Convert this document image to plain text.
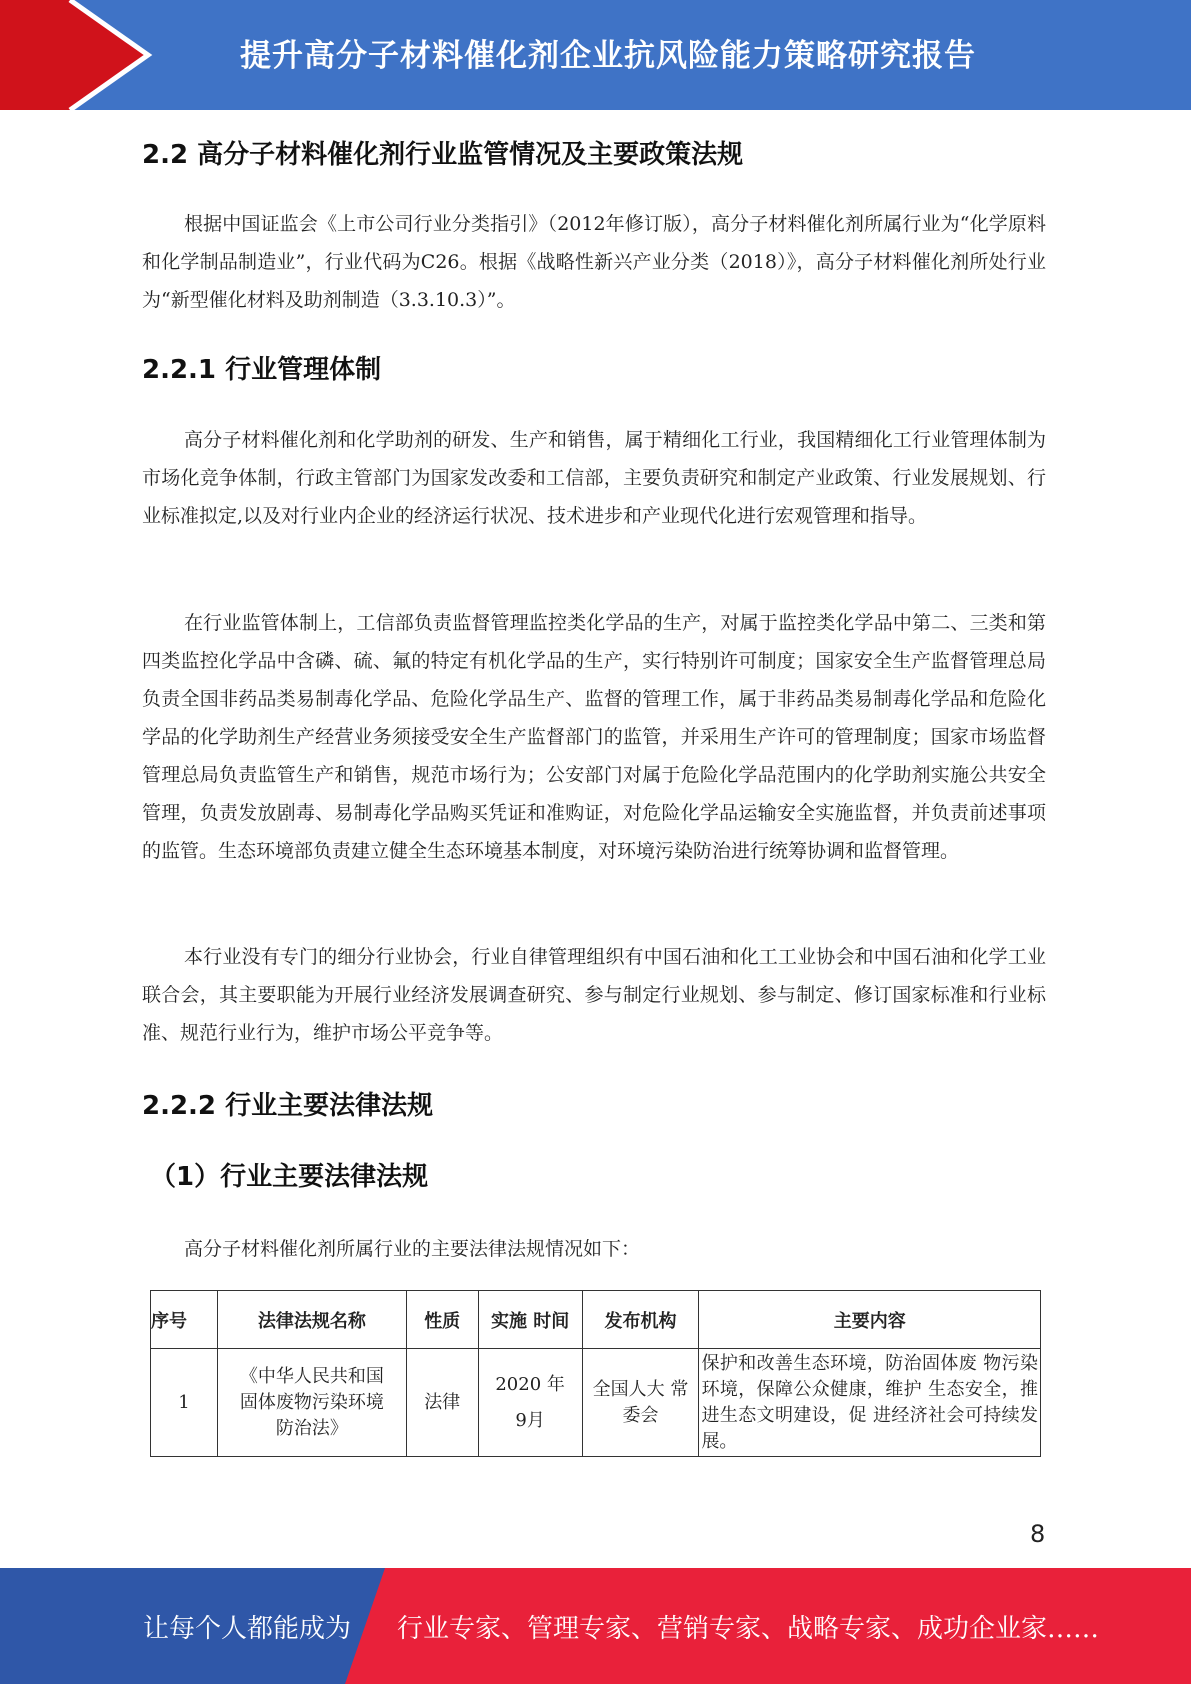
提升高分子材料催化剂企业抗风险能力策略研究报告
2.2 高分子材料催化剂行业监管情况及主要政策法规

根据中国证监会《上市公司行业分类指引》（2012年修订版），高分子材料催化剂所属行业为“化学原料和化学制品制造业”，行业代码为C26。根据《战略性新兴产业分类（2018）》，高分子材料催化剂所处行业为“新型催化材料及助剂制造（3.3.10.3）”。

2.2.1 行业管理体制

高分子材料催化剂和化学助剂的研发、生产和销售，属于精细化工行业，我国精细化工行业管理体制为市场化竞争体制，行政主管部门为国家发改委和工信部，主要负责研究和制定产业政策、行业发展规划、行业标准拟定,以及对行业内企业的经济运行状况、技术进步和产业现代化进行宏观管理和指导。

在行业监管体制上，工信部负责监督管理监控类化学品的生产，对属于监控类化学品中第二、三类和第四类监控化学品中含磷、硫、氟的特定有机化学品的生产，实行特别许可制度；国家安全生产监督管理总局负责全国非药品类易制毒化学品、危险化学品生产、监督的管理工作，属于非药品类易制毒化学品和危险化学品的化学助剂生产经营业务须接受安全生产监督部门的监管，并采用生产许可的管理制度；国家市场监督管理总局负责监管生产和销售，规范市场行为；公安部门对属于危险化学品范围内的化学助剂实施公共安全管理，负责发放剧毒、易制毒化学品购买凭证和准购证，对危险化学品运输安全实施监督，并负责前述事项的监管。生态环境部负责建立健全生态环境基本制度，对环境污染防治进行统筹协调和监督管理。

本行业没有专门的细分行业协会，行业自律管理组织有中国石油和化工工业协会和中国石油和化学工业联合会，其主要职能为开展行业经济发展调查研究、参与制定行业规划、参与制定、修订国家标准和行业标准、规范行业行为，维护市场公平竞争等。

2.2.2 行业主要法律法规
（1）行业主要法律法规

高分子材料催化剂所属行业的主要法律法规情况如下：

序号	法律法规名称	性质	实施 时间	发布机构	主要内容
1	《中华人民共和国固体废物污染环境防治法》	法律	2020 年 9月	全国人大 常委会	保护和改善生态环境，防治固体废 物污染环境，保障公众健康，维护 生态安全，推进生态文明建设，促 进经济社会可持续发展。
8
让每个人都能成为 行业专家、管理专家、营销专家、战略专家、成功企业家……
